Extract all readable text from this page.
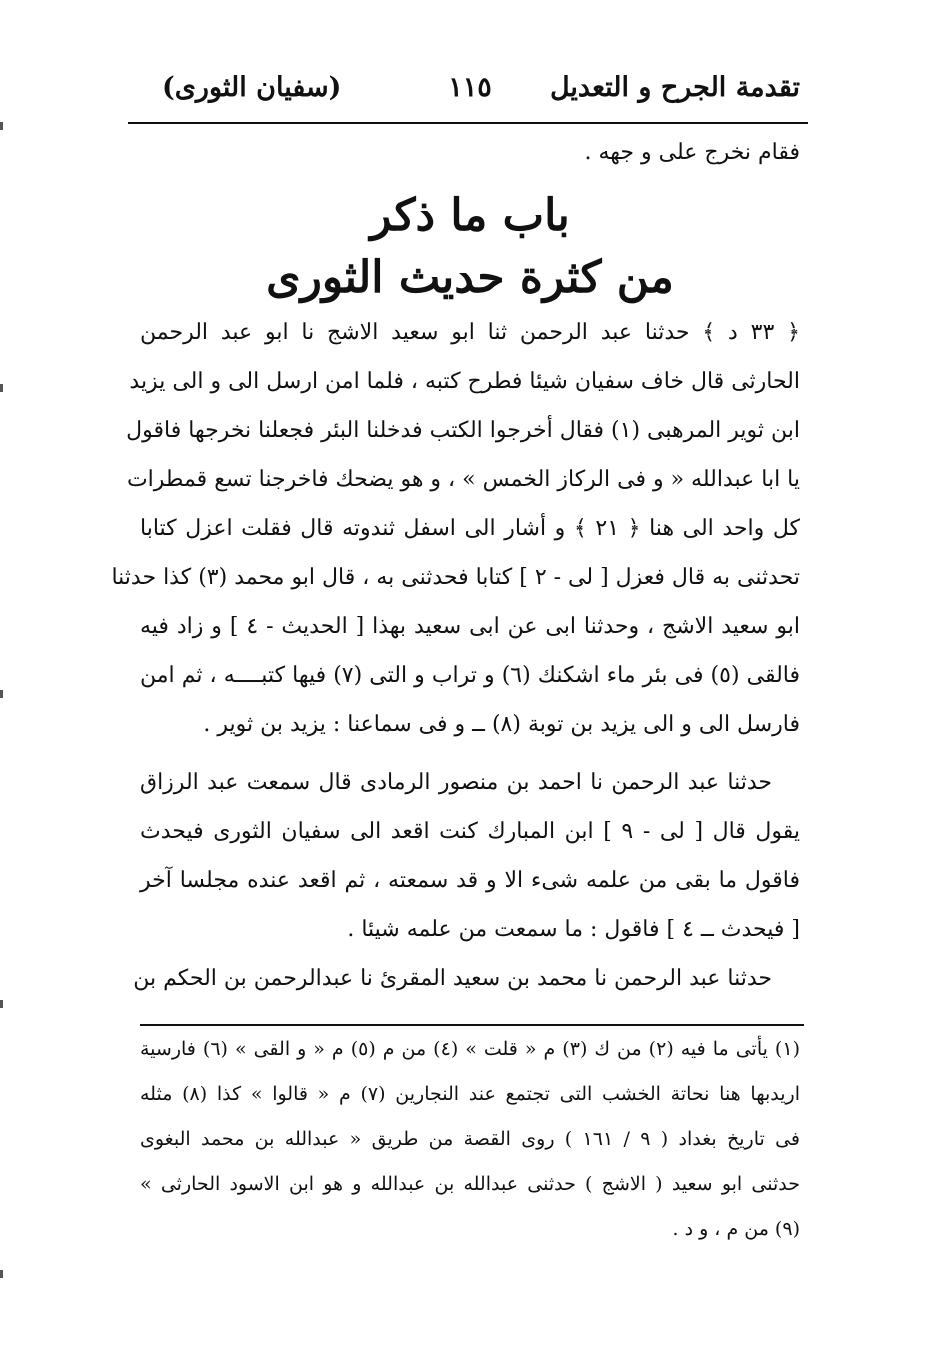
تقدمة الجرح و التعديل
١١٥
(سفيان الثورى)
فقام نخرج على و جهه .
باب ما ذكر
من كثرة حديث الثورى
﴿ ٣٣ د ﴾ حدثنا عبد الرحمن ثنا ابو سعيد الاشج نا ابو عبد الرحمن
الحارثى قال خاف سفيان شيئا فطرح كتبه ، فلما امن ارسل الى و الى يزيد
ابن ثوير المرهبى (١) فقال أخرجوا الكتب فدخلنا البئر فجعلنا نخرجها فاقول
يا ابا عبدالله « و فى الركاز الخمس » ، و هو يضحك فاخرجنا تسع قمطرات
كل واحد الى هنا ﴿ ٢١ ﴾ و أشار الى اسفل ثندوته قال فقلت اعزل كتابا
تحدثنى به قال فعزل [ لى - ٢ ] كتابا فحدثنى به ، قال ابو محمد (٣) كذا حدثنا
ابو سعيد الاشج ، وحدثنا ابى عن ابى سعيد بهذا [ الحديث - ٤ ] و زاد فيه
فالقى (٥) فى بئر ماء اشكنك (٦) و تراب و التى (٧) فيها كتبــــه ، ثم امن
فارسل الى و الى يزيد بن توبة (٨) ــ و فى سماعنا : يزيد بن ثوير .
حدثنا عبد الرحمن نا احمد بن منصور الرمادى قال سمعت عبد الرزاق
يقول قال [ لى - ٩ ] ابن المبارك كنت اقعد الى سفيان الثورى فيحدث
فاقول ما بقى من علمه شىء الا و قد سمعته ، ثم اقعد عنده مجلسا آخر
[ فيحدث ــ ٤ ] فاقول : ما سمعت من علمه شيئا .
حدثنا عبد الرحمن نا محمد بن سعيد المقرئ نا عبدالرحمن بن الحكم بن
(١) يأتى ما فيه (٢) من ك (٣) م « قلت » (٤) من م (٥) م « و القى » (٦) فارسية
اريدبها هنا نحاتة الخشب التى تجتمع عند النجارين (٧) م « قالوا » كذا (٨) مثله
فى تاريخ بغداد ( ٩ / ١٦١ ) روى القصة من طريق « عبدالله بن محمد البغوى
حدثنى ابو سعيد ( الاشج ) حدثنى عبدالله بن عبدالله و هو ابن الاسود الحارثى »
(٩) من م ، و د .
